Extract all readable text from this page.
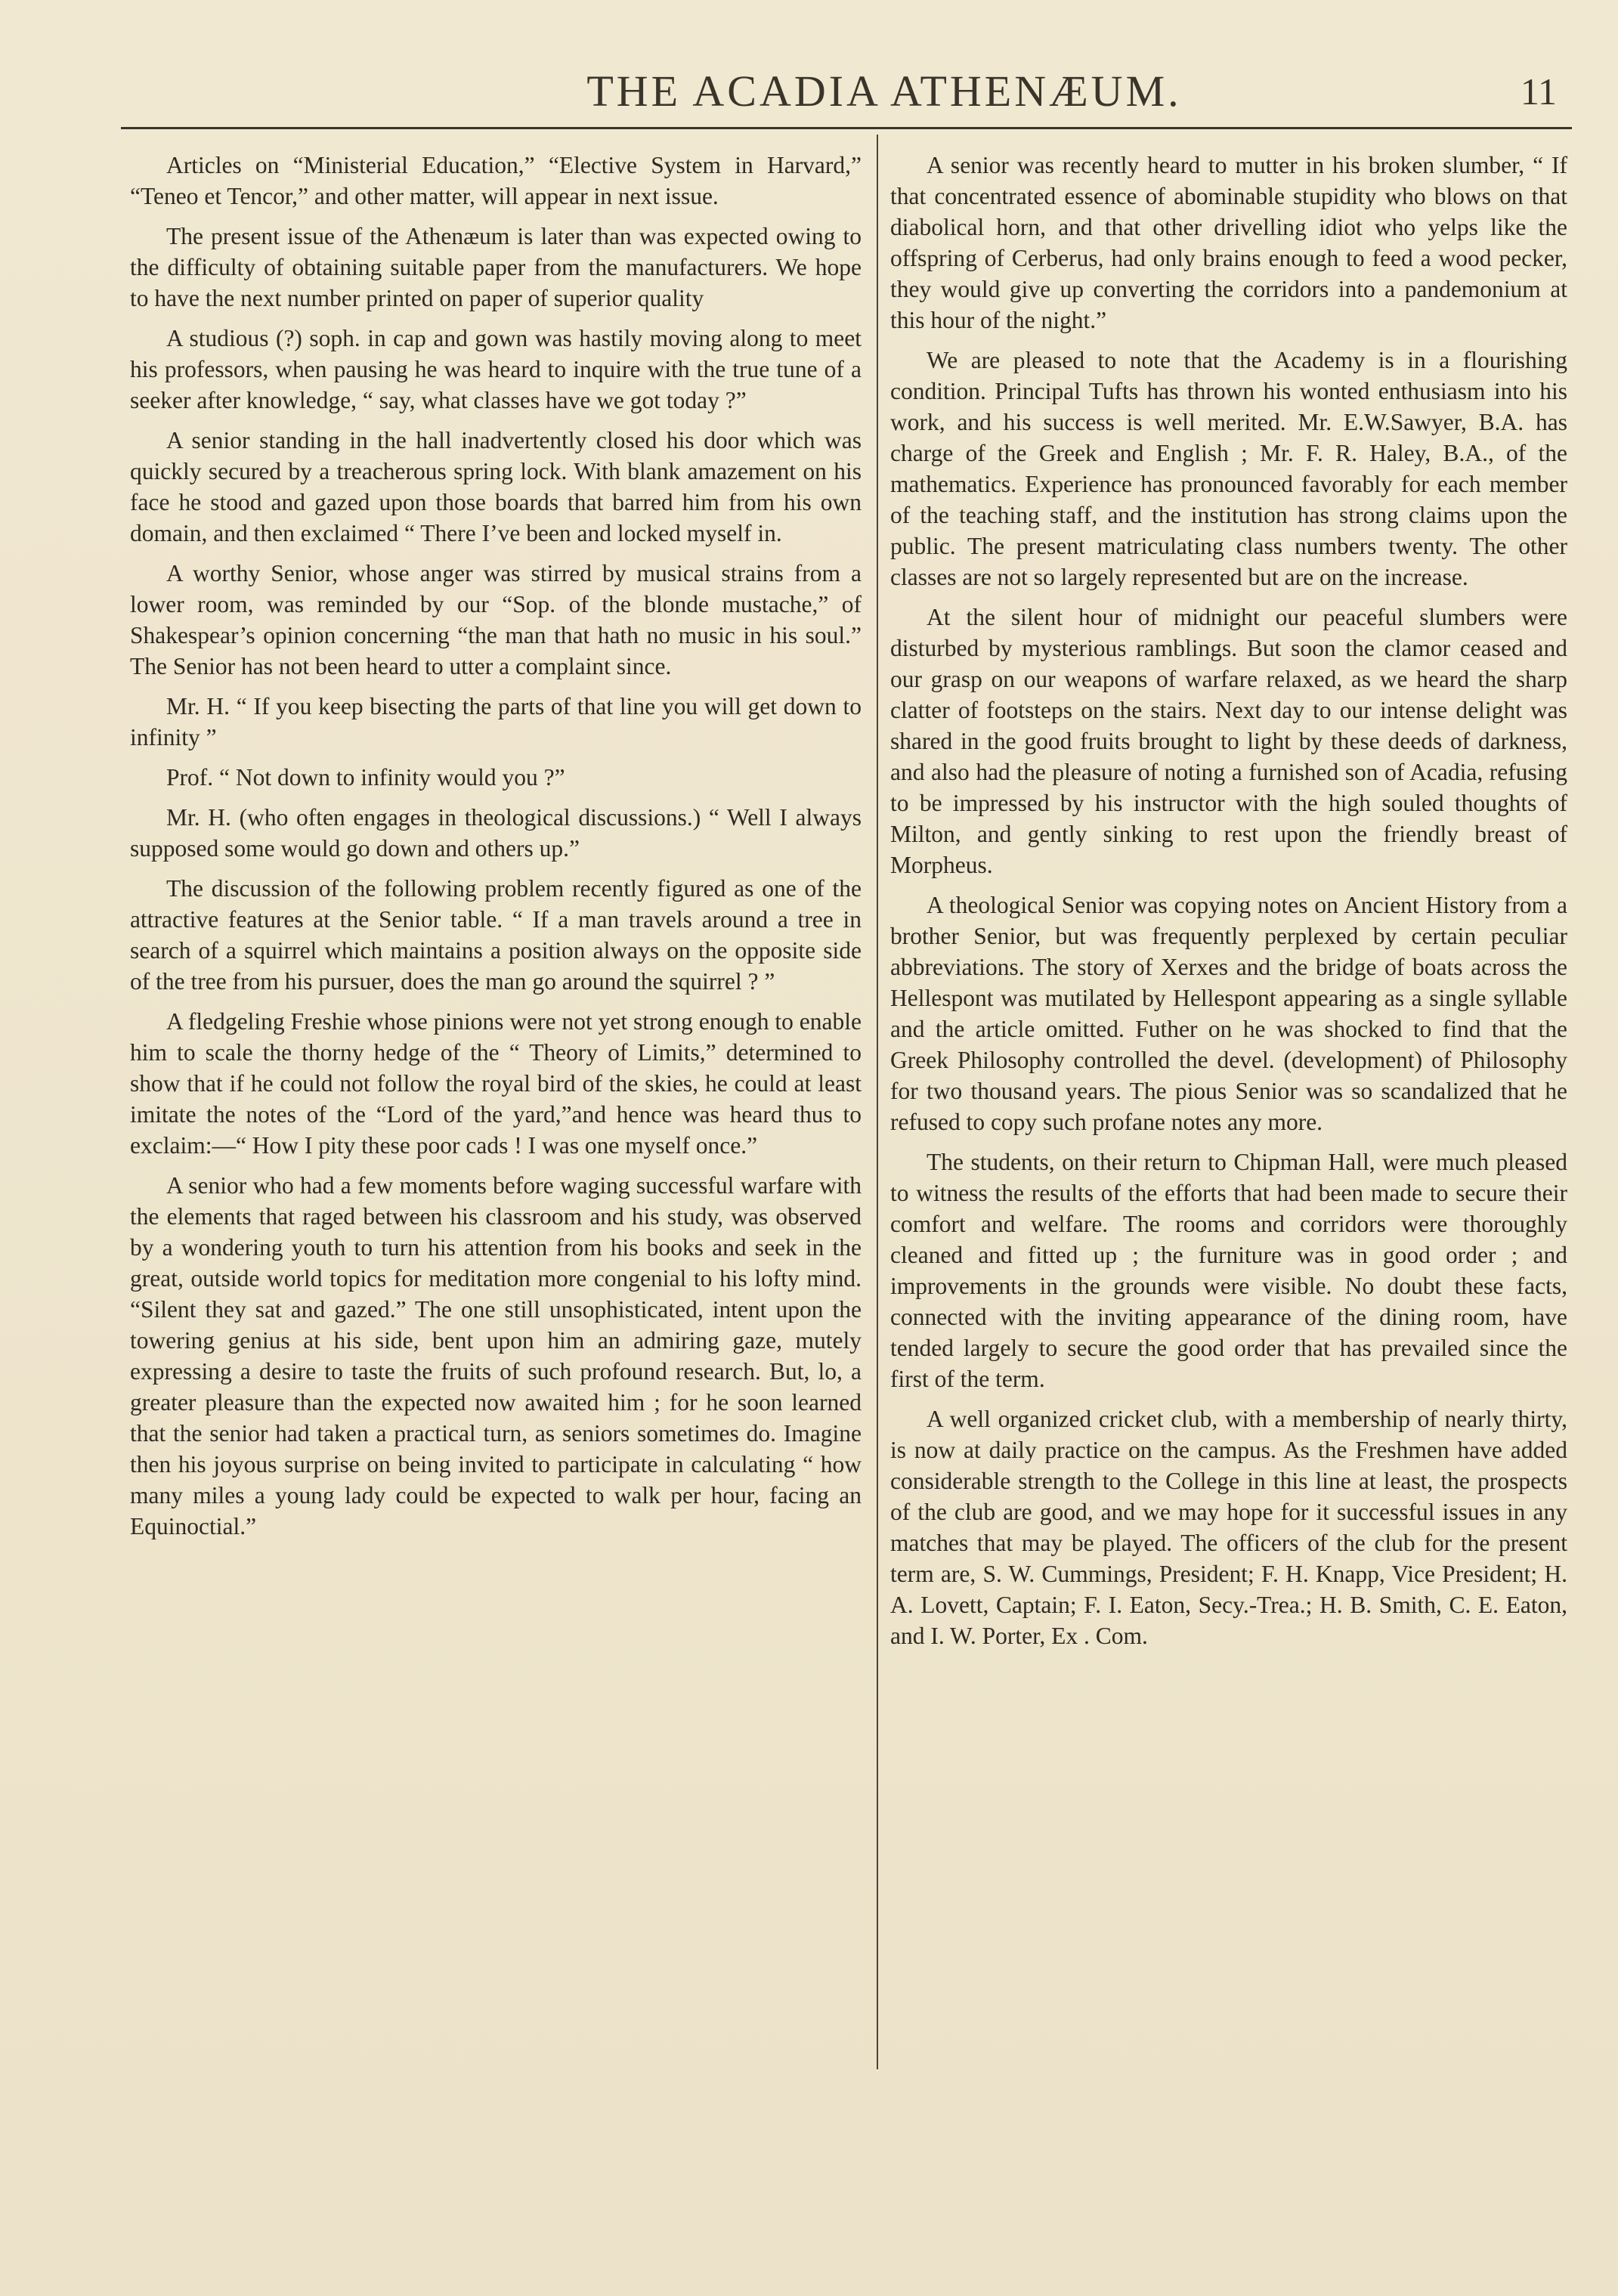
THE ACADIA ATHENÆUM.	11

Articles on “Ministerial Education,” “Elective System in Harvard,” “Teneo et Tencor,” and other matter, will appear in next issue.

The present issue of the Athenæum is later than was expected owing to the difficulty of obtaining suitable paper from the manufacturers. We hope to have the next number printed on paper of superior quality

A studious (?) soph. in cap and gown was hastily moving along to meet his professors, when pausing he was heard to inquire with the true tune of a seeker after knowledge, “ say, what classes have we got today ?”

A senior standing in the hall inadvertently closed his door which was quickly secured by a treacherous spring lock. With blank amazement on his face he stood and gazed upon those boards that barred him from his own domain, and then exclaimed “ There I’ve been and locked myself in.

A worthy Senior, whose anger was stirred by musical strains from a lower room, was reminded by our “Sop. of the blonde mustache,” of Shakespear’s opinion concerning “the man that hath no music in his soul.” The Senior has not been heard to utter a complaint since.

Mr. H. “ If you keep bisecting the parts of that line you will get down to infinity ”

Prof. “ Not down to infinity would you ?”

Mr. H. (who often engages in theological discussions.) “ Well I always supposed some would go down and others up.”

The discussion of the following problem recently figured as one of the attractive features at the Senior table. “ If a man travels around a tree in search of a squirrel which maintains a position always on the opposite side of the tree from his pursuer, does the man go around the squirrel ? ”

A fledgeling Freshie whose pinions were not yet strong enough to enable him to scale the thorny hedge of the “ Theory of Limits,” determined to show that if he could not follow the royal bird of the skies, he could at least imitate the notes of the “Lord of the yard,”and hence was heard thus to exclaim:—“ How I pity these poor cads ! I was one myself once.”

A senior who had a few moments before waging successful warfare with the elements that raged between his classroom and his study, was observed by a wondering youth to turn his attention from his books and seek in the great, outside world topics for meditation more congenial to his lofty mind. “Silent they sat and gazed.” The one still unsophisticated, intent upon the towering genius at his side, bent upon him an admiring gaze, mutely expressing a desire to taste the fruits of such profound research. But, lo, a greater pleasure than the expected now awaited him ; for he soon learned that the senior had taken a practical turn, as seniors sometimes do. Imagine then his joyous surprise on being invited to participate in calculating “ how many miles a young lady could be expected to walk per hour, facing an Equinoctial.”

A senior was recently heard to mutter in his broken slumber, “ If that concentrated essence of abominable stupidity who blows on that diabolical horn, and that other drivelling idiot who yelps like the offspring of Cerberus, had only brains enough to feed a wood pecker, they would give up converting the corridors into a pandemonium at this hour of the night.”

We are pleased to note that the Academy is in a flourishing condition. Principal Tufts has thrown his wonted enthusiasm into his work, and his success is well merited. Mr. E.W.Sawyer, B.A. has charge of the Greek and English ; Mr. F. R. Haley, B.A., of the mathematics. Experience has pronounced favorably for each member of the teaching staff, and the institution has strong claims upon the public. The present matriculating class numbers twenty. The other classes are not so largely represented but are on the increase.

At the silent hour of midnight our peaceful slumbers were disturbed by mysterious ramblings. But soon the clamor ceased and our grasp on our weapons of warfare relaxed, as we heard the sharp clatter of footsteps on the stairs. Next day to our intense delight was shared in the good fruits brought to light by these deeds of darkness, and also had the pleasure of noting a furnished son of Acadia, refusing to be impressed by his instructor with the high souled thoughts of Milton, and gently sinking to rest upon the friendly breast of Morpheus.

A theological Senior was copying notes on Ancient History from a brother Senior, but was frequently perplexed by certain peculiar abbreviations. The story of Xerxes and the bridge of boats across the Hellespont was mutilated by Hellespont appearing as a single syllable and the article omitted. Futher on he was shocked to find that the Greek Philosophy controlled the devel. (development) of Philosophy for two thousand years. The pious Senior was so scandalized that he refused to copy such profane notes any more.

The students, on their return to Chipman Hall, were much pleased to witness the results of the efforts that had been made to secure their comfort and welfare. The rooms and corridors were thoroughly cleaned and fitted up ; the furniture was in good order ; and improvements in the grounds were visible. No doubt these facts, connected with the inviting appearance of the dining room, have tended largely to secure the good order that has prevailed since the first of the term.

A well organized cricket club, with a membership of nearly thirty, is now at daily practice on the campus. As the Freshmen have added considerable strength to the College in this line at least, the prospects of the club are good, and we may hope for it successful issues in any matches that may be played. The officers of the club for the present term are, S. W. Cummings, President; F. H. Knapp, Vice President; H. A. Lovett, Captain; F. I. Eaton, Secy.-Trea.; H. B. Smith, C. E. Eaton, and I. W. Porter, Ex . Com.
